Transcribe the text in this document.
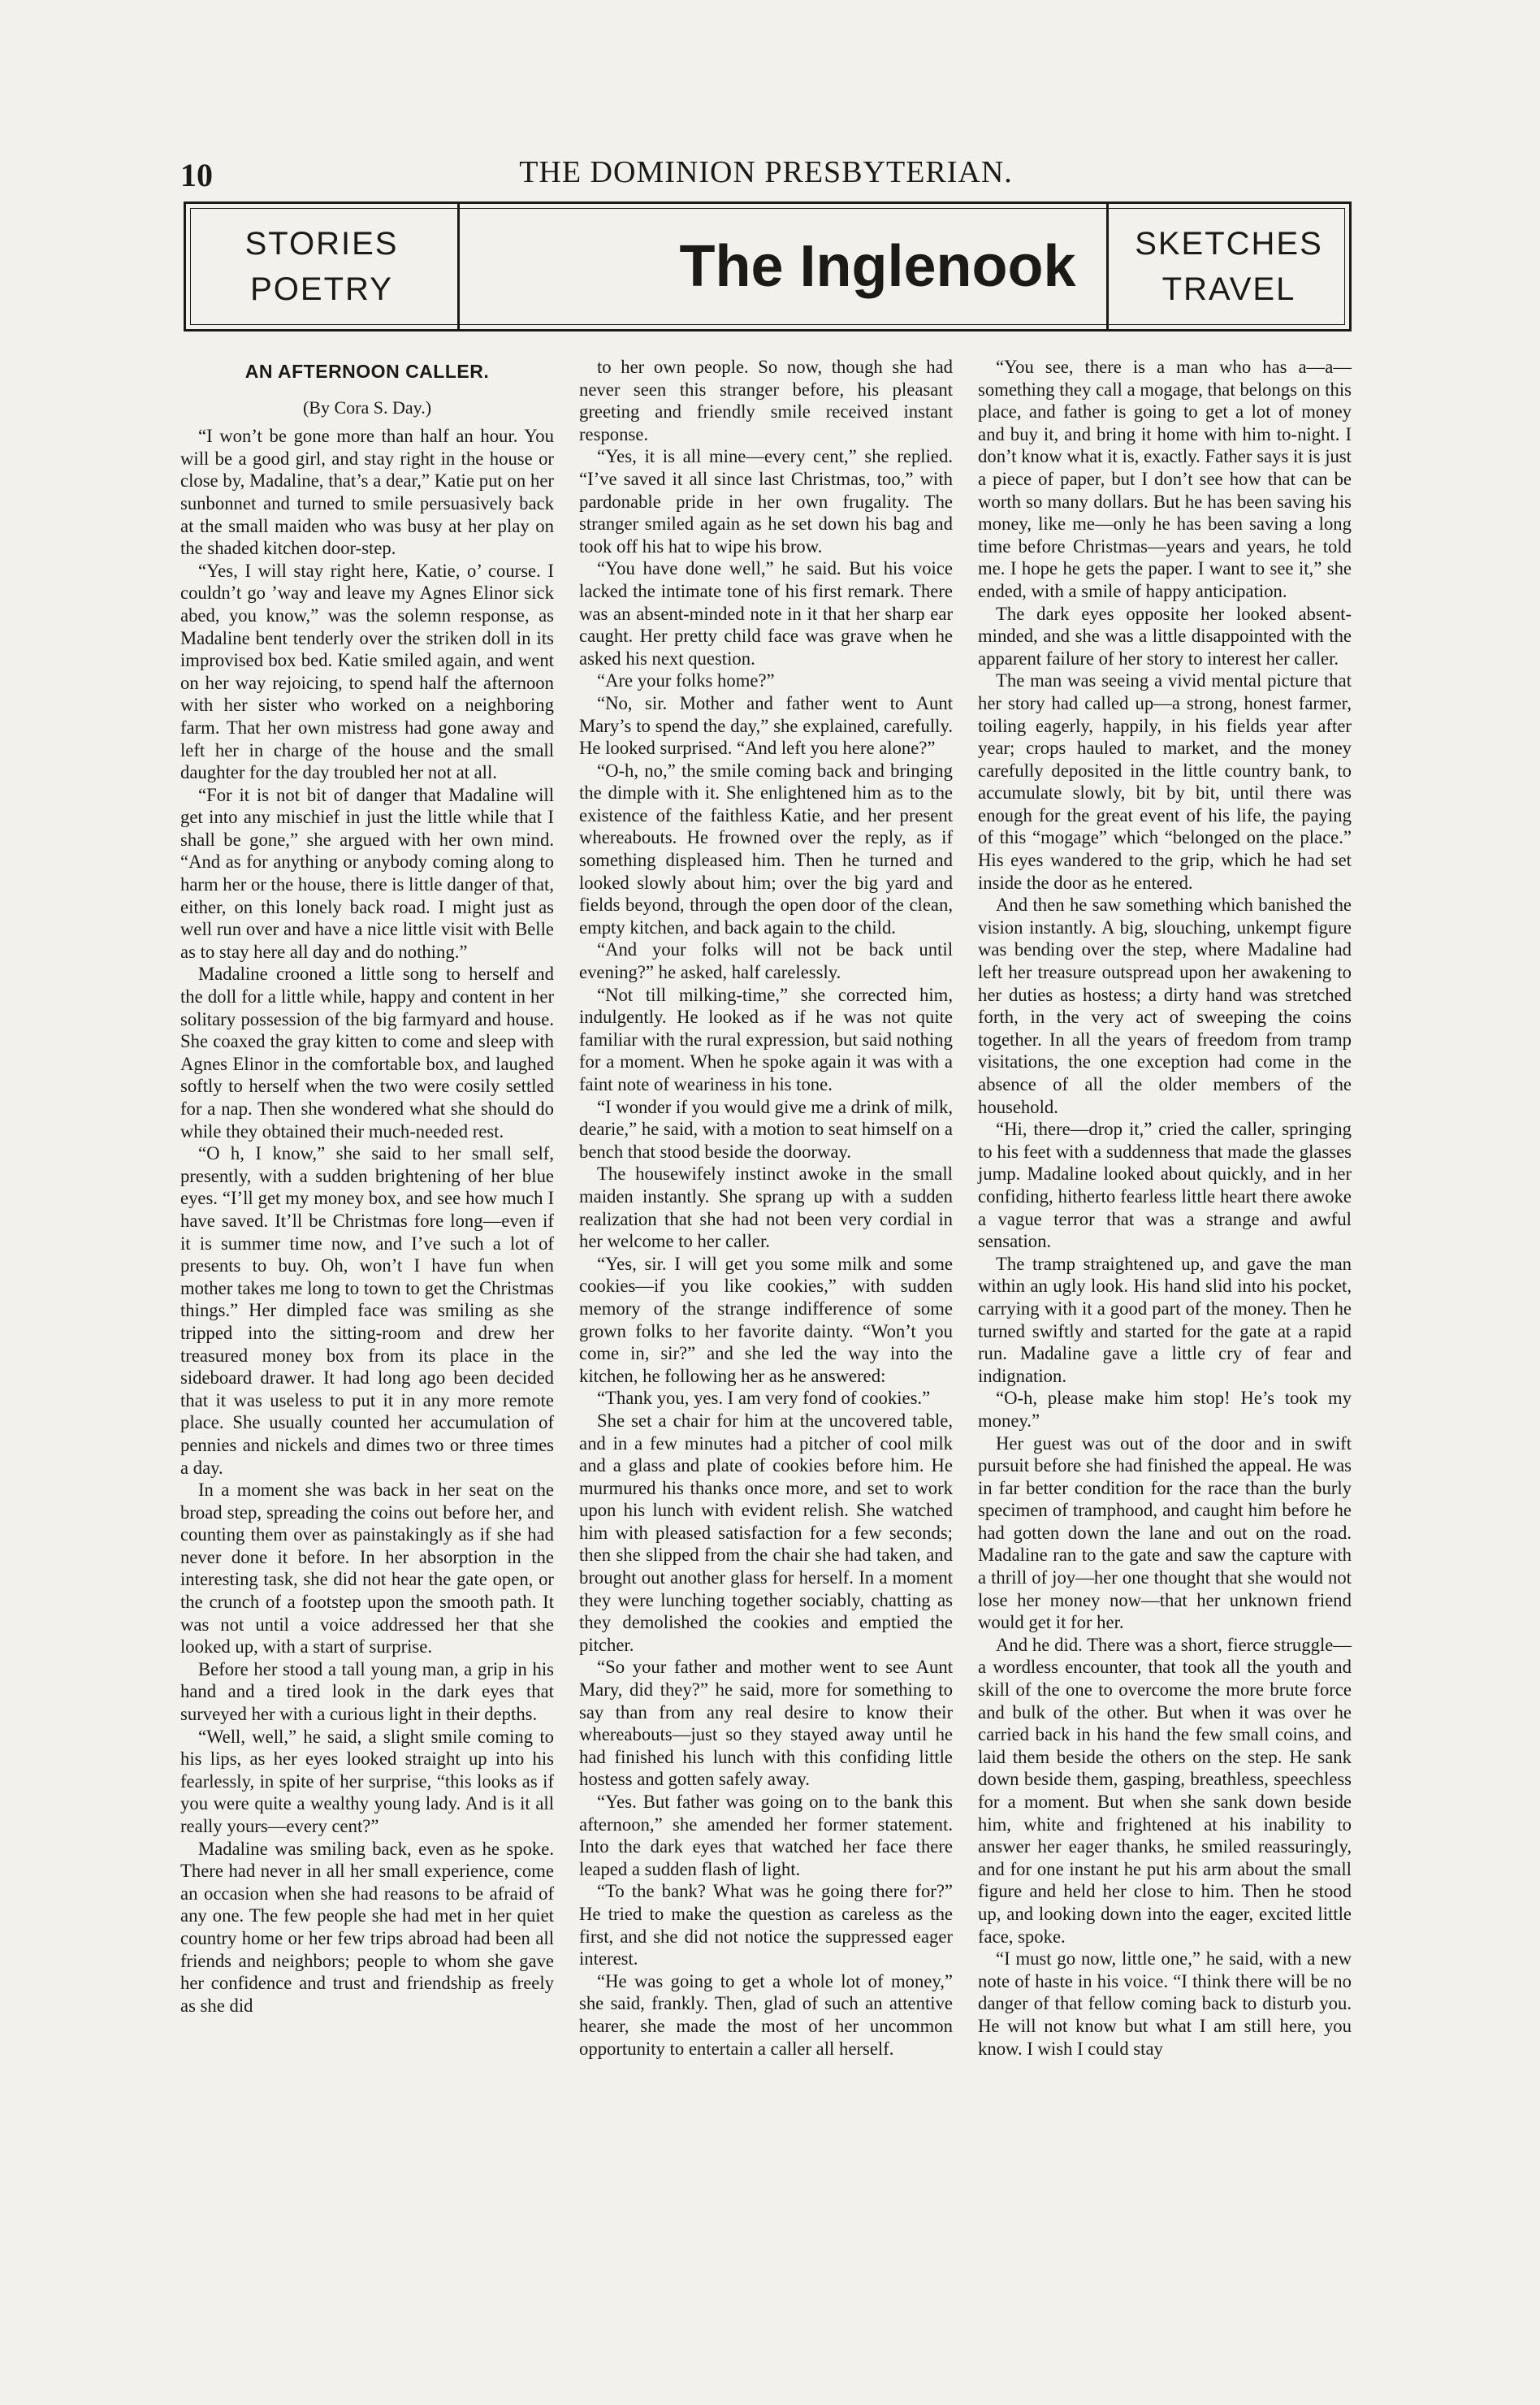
10	THE DOMINION PRESBYTERIAN.
STORIES
POETRY	The Inglenook SKETCHES
TRAVEL
AN AFTERNOON CALLER.
(By Cora S. Day.)

“I won’t be gone more than half an hour. You will be a good girl, and stay right in the house or close by, Madaline, that’s a dear,” Katie put on her sunbonnet and turned to smile persuasively back at the small maiden who was busy at her play on the shaded kitchen door-step.

“Yes, I will stay right here, Katie, o’ course. I couldn’t go ’way and leave my Agnes Elinor sick abed, you know,” was the solemn response, as Madaline bent tenderly over the striken doll in its improvised box bed. Katie smiled again, and went on her way rejoicing, to spend half the afternoon with her sister who worked on a neighboring farm. That her own mistress had gone away and left her in charge of the house and the small daughter for the day troubled her not at all.

“For it is not bit of danger that Madaline will get into any mischief in just the little while that I shall be gone,” she argued with her own mind. “And as for anything or anybody coming along to harm her or the house, there is little danger of that, either, on this lonely back road. I might just as well run over and have a nice little visit with Belle as to stay here all day and do nothing.”

Madaline crooned a little song to herself and the doll for a little while, happy and content in her solitary possession of the big farmyard and house. She coaxed the gray kitten to come and sleep with Agnes Elinor in the comfortable box, and laughed softly to herself when the two were cosily settled for a nap. Then she wondered what she should do while they obtained their much-needed rest.

“O h, I know,” she said to her small self, presently, with a sudden brightening of her blue eyes. “I’ll get my money box, and see how much I have saved. It’ll be Christmas fore long—even if it is summer time now, and I’ve such a lot of presents to buy. Oh, won’t I have fun when mother takes me long to town to get the Christmas things.” Her dimpled face was smiling as she tripped into the sitting-room and drew her treasured money box from its place in the sideboard drawer. It had long ago been decided that it was useless to put it in any more remote place. She usually counted her accumulation of pennies and nickels and dimes two or three times a day.

In a moment she was back in her seat on the broad step, spreading the coins out before her, and counting them over as painstakingly as if she had never done it before. In her absorption in the interesting task, she did not hear the gate open, or the crunch of a footstep upon the smooth path. It was not until a voice addressed her that she looked up, with a start of surprise.

Before her stood a tall young man, a grip in his hand and a tired look in the dark eyes that surveyed her with a curious light in their depths.

“Well, well,” he said, a slight smile coming to his lips, as her eyes looked straight up into his fearlessly, in spite of her surprise, “this looks as if you were quite a wealthy young lady. And is it all really yours—every cent?”

Madaline was smiling back, even as he spoke. There had never in all her small experience, come an occasion when she had reasons to be afraid of any one. The few people she had met in her quiet country home or her few trips abroad had been all friends and neighbors; people to whom she gave her confidence and trust and friendship as freely as she did

to her own people. So now, though she had never seen this stranger before, his pleasant greeting and friendly smile received instant response.

“Yes, it is all mine—every cent,” she replied. “I’ve saved it all since last Christmas, too,” with pardonable pride in her own frugality. The stranger smiled again as he set down his bag and took off his hat to wipe his brow.

“You have done well,” he said. But his voice lacked the intimate tone of his first remark. There was an absent-minded note in it that her sharp ear caught. Her pretty child face was grave when he asked his next question.

“Are your folks home?”

“No, sir. Mother and father went to Aunt Mary’s to spend the day,” she explained, carefully. He looked surprised. “And left you here alone?”

“O-h, no,” the smile coming back and bringing the dimple with it. She enlightened him as to the existence of the faithless Katie, and her present whereabouts. He frowned over the reply, as if something displeased him. Then he turned and looked slowly about him; over the big yard and fields beyond, through the open door of the clean, empty kitchen, and back again to the child.

“And your folks will not be back until evening?” he asked, half carelessly.

“Not till milking-time,” she corrected him, indulgently. He looked as if he was not quite familiar with the rural expression, but said nothing for a moment. When he spoke again it was with a faint note of weariness in his tone.

“I wonder if you would give me a drink of milk, dearie,” he said, with a motion to seat himself on a bench that stood beside the doorway.

The housewifely instinct awoke in the small maiden instantly. She sprang up with a sudden realization that she had not been very cordial in her welcome to her caller.

“Yes, sir. I will get you some milk and some cookies—if you like cookies,” with sudden memory of the strange indifference of some grown folks to her favorite dainty. “Won’t you come in, sir?” and she led the way into the kitchen, he following her as he answered:

“Thank you, yes. I am very fond of cookies.”

She set a chair for him at the uncovered table, and in a few minutes had a pitcher of cool milk and a glass and plate of cookies before him. He murmured his thanks once more, and set to work upon his lunch with evident relish. She watched him with pleased satisfaction for a few seconds; then she slipped from the chair she had taken, and brought out another glass for herself. In a moment they were lunching together sociably, chatting as they demolished the cookies and emptied the pitcher.

“So your father and mother went to see Aunt Mary, did they?” he said, more for something to say than from any real desire to know their whereabouts—just so they stayed away until he had finished his lunch with this confiding little hostess and gotten safely away.

“Yes. But father was going on to the bank this afternoon,” she amended her former statement. Into the dark eyes that watched her face there leaped a sudden flash of light.

“To the bank? What was he going there for?” He tried to make the question as careless as the first, and she did not notice the suppressed eager interest.

“He was going to get a whole lot of money,” she said, frankly. Then, glad of such an attentive hearer, she made the most of her uncommon opportunity to entertain a caller all herself.

“You see, there is a man who has a—a—something they call a mogage, that belongs on this place, and father is going to get a lot of money and buy it, and bring it home with him to-night. I don’t know what it is, exactly. Father says it is just a piece of paper, but I don’t see how that can be worth so many dollars. But he has been saving his money, like me—only he has been saving a long time before Christmas—years and years, he told me. I hope he gets the paper. I want to see it,” she ended, with a smile of happy anticipation.

The dark eyes opposite her looked absent-minded, and she was a little disappointed with the apparent failure of her story to interest her caller.

The man was seeing a vivid mental picture that her story had called up—a strong, honest farmer, toiling eagerly, happily, in his fields year after year; crops hauled to market, and the money carefully deposited in the little country bank, to accumulate slowly, bit by bit, until there was enough for the great event of his life, the paying of this “mogage” which “belonged on the place.” His eyes wandered to the grip, which he had set inside the door as he entered.

And then he saw something which banished the vision instantly. A big, slouching, unkempt figure was bending over the step, where Madaline had left her treasure outspread upon her awakening to her duties as hostess; a dirty hand was stretched forth, in the very act of sweeping the coins together. In all the years of freedom from tramp visitations, the one exception had come in the absence of all the older members of the household.

“Hi, there—drop it,” cried the caller, springing to his feet with a suddenness that made the glasses jump. Madaline looked about quickly, and in her confiding, hitherto fearless little heart there awoke a vague terror that was a strange and awful sensation.

The tramp straightened up, and gave the man within an ugly look. His hand slid into his pocket, carrying with it a good part of the money. Then he turned swiftly and started for the gate at a rapid run. Madaline gave a little cry of fear and indignation.

“O-h, please make him stop! He’s took my money.”

Her guest was out of the door and in swift pursuit before she had finished the appeal. He was in far better condition for the race than the burly specimen of tramphood, and caught him before he had gotten down the lane and out on the road. Madaline ran to the gate and saw the capture with a thrill of joy—her one thought that she would not lose her money now—that her unknown friend would get it for her.

And he did. There was a short, fierce struggle—a wordless encounter, that took all the youth and skill of the one to overcome the more brute force and bulk of the other. But when it was over he carried back in his hand the few small coins, and laid them beside the others on the step. He sank down beside them, gasping, breathless, speechless for a moment. But when she sank down beside him, white and frightened at his inability to answer her eager thanks, he smiled reassuringly, and for one instant he put his arm about the small figure and held her close to him. Then he stood up, and looking down into the eager, excited little face, spoke.

“I must go now, little one,” he said, with a new note of haste in his voice. “I think there will be no danger of that fellow coming back to disturb you. He will not know but what I am still here, you know. I wish I could stay
